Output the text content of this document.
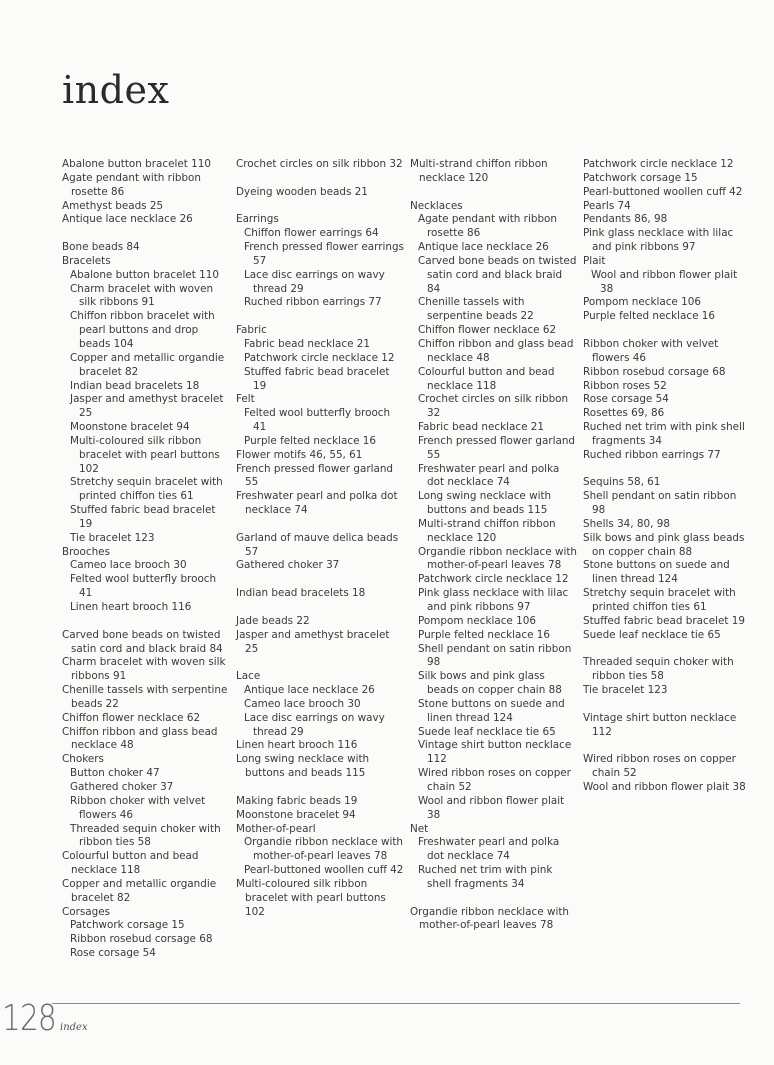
index
Abalone button bracelet 110
Agate pendant with ribbon rosette 86
Amethyst beads 25
Antique lace necklace 26
Bone beads 84
Bracelets
Abalone button bracelet 110
Charm bracelet with woven silk ribbons 91
Chiffon ribbon bracelet with pearl buttons and drop beads 104
Copper and metallic organdie bracelet 82
Indian bead bracelets 18
Jasper and amethyst bracelet 25
Moonstone bracelet 94
Multi-coloured silk ribbon bracelet with pearl buttons 102
Stretchy sequin bracelet with printed chiffon ties 61
Stuffed fabric bead bracelet 19
Tie bracelet 123
Brooches
Cameo lace brooch 30
Felted wool butterfly brooch 41
Linen heart brooch 116
Carved bone beads on twisted satin cord and black braid 84
Charm bracelet with woven silk ribbons 91
Chenille tassels with serpentine beads 22
Chiffon flower necklace 62
Chiffon ribbon and glass bead necklace 48
Chokers
Button choker 47
Gathered choker 37
Ribbon choker with velvet flowers 46
Threaded sequin choker with ribbon ties 58
Colourful button and bead necklace 118
Copper and metallic organdie bracelet 82
Corsages
Patchwork corsage 15
Ribbon rosebud corsage 68
Rose corsage 54
Crochet circles on silk ribbon 32
Dyeing wooden beads 21
Earrings
Chiffon flower earrings 64
French pressed flower earrings 57
Lace disc earrings on wavy thread 29
Ruched ribbon earrings 77
Fabric
Fabric bead necklace 21
Patchwork circle necklace 12
Stuffed fabric bead bracelet 19
Felt
Felted wool butterfly brooch 41
Purple felted necklace 16
Flower motifs 46, 55, 61
French pressed flower garland 55
Freshwater pearl and polka dot necklace 74
Garland of mauve delica beads 57
Gathered choker 37
Indian bead bracelets 18
Jade beads 22
Jasper and amethyst bracelet 25
Lace
Antique lace necklace 26
Cameo lace brooch 30
Lace disc earrings on wavy thread 29
Linen heart brooch 116
Long swing necklace with buttons and beads 115
Making fabric beads 19
Moonstone bracelet 94
Mother-of-pearl
Organdie ribbon necklace with mother-of-pearl leaves 78
Pearl-buttoned woollen cuff 42
Multi-coloured silk ribbon bracelet with pearl buttons 102
Multi-strand chiffon ribbon necklace 120
Necklaces
Agate pendant with ribbon rosette 86
Antique lace necklace 26
Carved bone beads on twisted satin cord and black braid 84
Chenille tassels with serpentine beads 22
Chiffon flower necklace 62
Chiffon ribbon and glass bead necklace 48
Colourful button and bead necklace 118
Crochet circles on silk ribbon 32
Fabric bead necklace 21
French pressed flower garland 55
Freshwater pearl and polka dot necklace 74
Long swing necklace with buttons and beads 115
Multi-strand chiffon ribbon necklace 120
Organdie ribbon necklace with mother-of-pearl leaves 78
Patchwork circle necklace 12
Pink glass necklace with lilac and pink ribbons 97
Pompom necklace 106
Purple felted necklace 16
Shell pendant on satin ribbon 98
Silk bows and pink glass beads on copper chain 88
Stone buttons on suede and linen thread 124
Suede leaf necklace tie 65
Vintage shirt button necklace 112
Wired ribbon roses on copper chain 52
Wool and ribbon flower plait 38
Net
Freshwater pearl and polka dot necklace 74
Ruched net trim with pink shell fragments 34
Organdie ribbon necklace with mother-of-pearl leaves 78
Patchwork circle necklace 12
Patchwork corsage 15
Pearl-buttoned woollen cuff 42
Pearls 74
Pendants 86, 98
Pink glass necklace with lilac and pink ribbons 97
Plait
Wool and ribbon flower plait 38
Pompom necklace 106
Purple felted necklace 16
Ribbon choker with velvet flowers 46
Ribbon rosebud corsage 68
Ribbon roses 52
Rose corsage 54
Rosettes 69, 86
Ruched net trim with pink shell fragments 34
Ruched ribbon earrings 77
Sequins 58, 61
Shell pendant on satin ribbon 98
Shells 34, 80, 98
Silk bows and pink glass beads on copper chain 88
Stone buttons on suede and linen thread 124
Stretchy sequin bracelet with printed chiffon ties 61
Stuffed fabric bead bracelet 19
Suede leaf necklace tie 65
Threaded sequin choker with ribbon ties 58
Tie bracelet 123
Vintage shirt button necklace 112
Wired ribbon roses on copper chain 52
Wool and ribbon flower plait 38
128 index
